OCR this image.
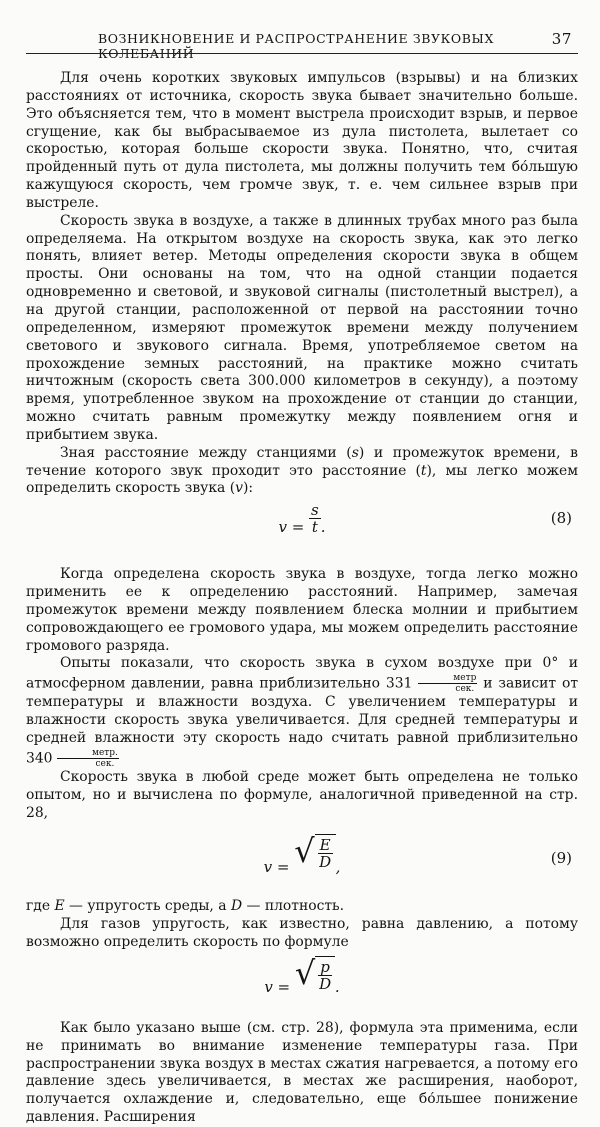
ВОЗНИКНОВЕНИЕ И РАСПРОСТРАНЕНИЕ ЗВУКОВЫХ КОЛЕБАНИЙ
37

Для очень коротких звуковых импульсов (взрывы) и на близких расстояниях от источника, скорость звука бывает значительно больше. Это объясняется тем, что в момент выстрела происходит взрыв, и первое сгущение, как бы выбрасываемое из дула пистолета, вылетает со скоростью, которая больше скорости звука. Понятно, что, считая пройденный путь от дула пистолета, мы должны получить тем бо́льшую кажущуюся скорость, чем громче звук, т. е. чем сильнее взрыв при выстреле.

Скорость звука в воздухе, а также в длинных трубах много раз была определяема. На открытом воздухе на скорость звука, как это легко понять, влияет ветер. Методы определения скорости звука в общем просты. Они основаны на том, что на одной станции подается одновременно и световой, и звуковой сигналы (пистолетный выстрел), а на другой станции, расположенной от первой на расстоянии точно определенном, измеряют промежуток времени между получением светового и звукового сигнала. Время, употребляемое светом на прохождение земных расстояний, на практике можно считать ничтожным (скорость света 300.000 километров в секунду), а поэтому время, употребленное звуком на прохождение от станции до станции, можно считать равным промежутку между появлением огня и прибытием звука.

Зная расстояние между станциями (s) и промежуток времени, в течение которого звук проходит это расстояние (t), мы легко можем определить скорость звука (v):

$v = \frac{s}{t}$ .	(8)

Когда определена скорость звука в воздухе, тогда легко можно применить ее к определению расстояний. Например, замечая промежуток времени между появлением блеска молнии и прибытием сопровождающего ее громового удара, мы можем определить расстояние громового разряда.

Опыты показали, что скорость звука в сухом воздухе при 0° и атмосферном давлении, равна приблизительно 331	метр
сек. и зависит от температуры и влажности воздуха. С увеличением температуры и влажности скорость звука увеличивается. Для средней температуры и средней влажности эту скорость надо считать равной приблизительно 340	метр.
сек.

Скорость звука в любой среде может быть определена не только опытом, но и вычислена по формуле, аналогичной приведенной на стр. 28,

v = √ $\frac{E}{D}$ ,	(9)

где E — упругость среды, а D — плотность.

Для газов упругость, как известно, равна давлению, а потому возможно определить скорость по формуле

v = √ $\frac{p}{D}$ .

Как было указано выше (см. стр. 28), формула эта применима, если не принимать во внимание изменение температуры газа. При распространении звука воздух в местах сжатия нагревается, а потому его давление здесь увеличивается, в местах же расширения, наоборот, получается охлаждение и, следовательно, еще бо́льшее понижение давления. Расширения
